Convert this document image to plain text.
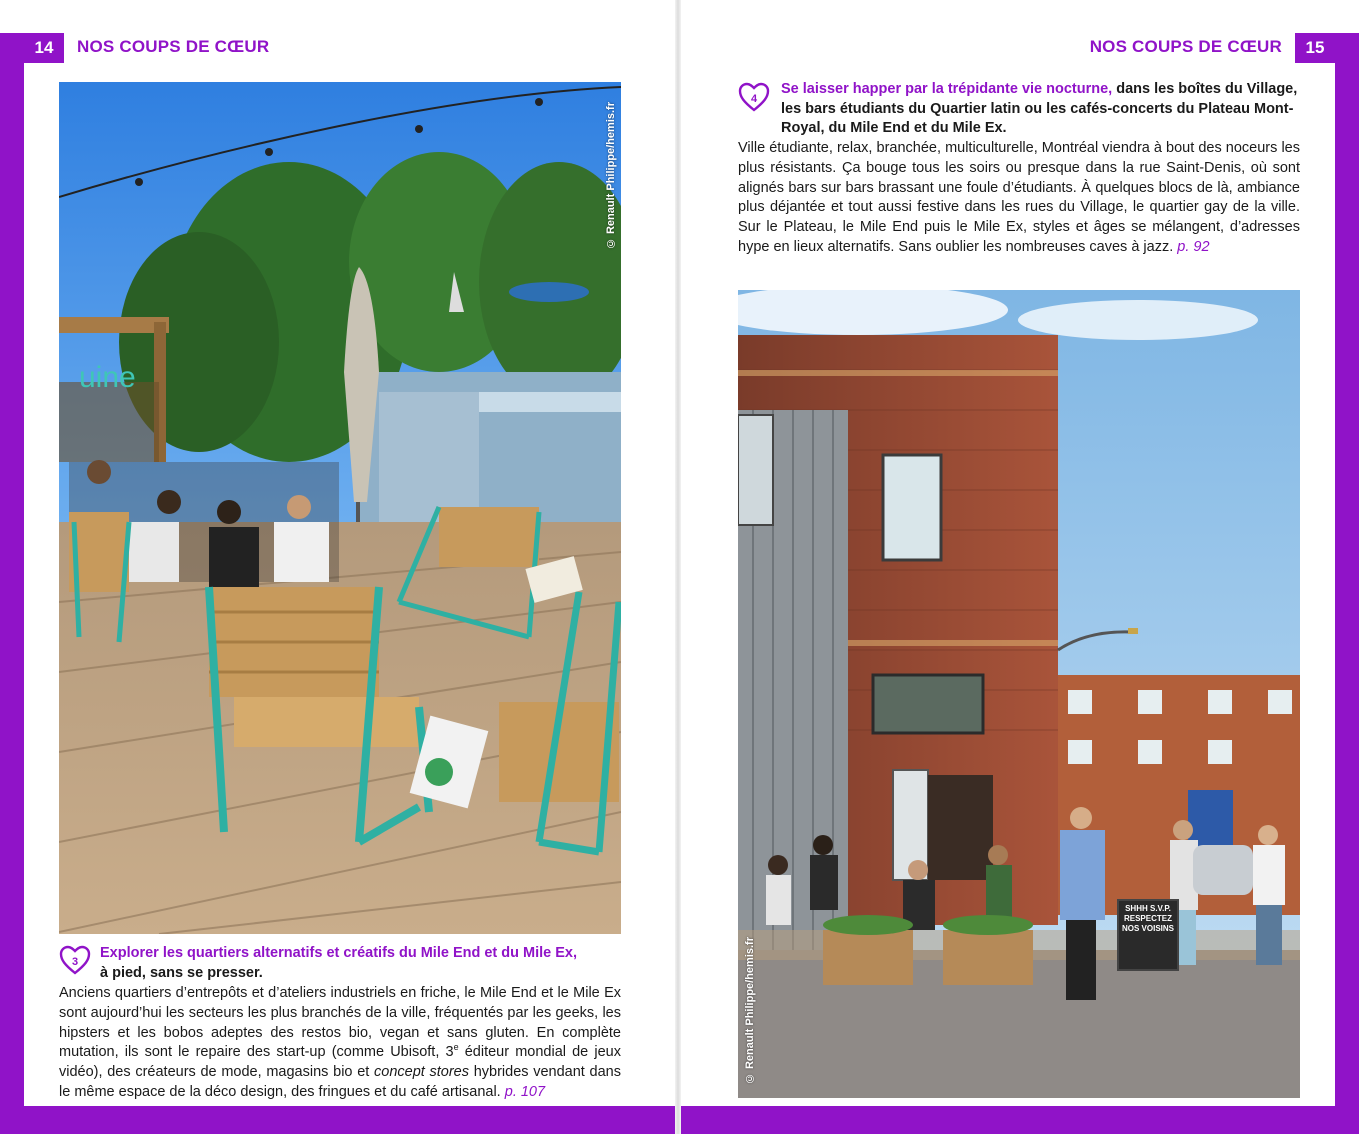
14	NOS COUPS DE CŒUR	NOS COUPS DE CŒUR	15
uine
© Renault Philippe/hemis.fr
3
Explorer les quartiers alternatifs et créatifs du Mile End et du Mile Ex,
à pied, sans se presser.
Anciens quartiers d’entrepôts et d’ateliers industriels en friche, le Mile End et le Mile Ex sont aujourd’hui les secteurs les plus branchés de la ville, fréquentés par les geeks, les hipsters et les bobos adeptes des restos bio, vegan et sans gluten. En complète mutation, ils sont le repaire des start-up (comme Ubisoft, 3e éditeur mondial de jeux vidéo), des créateurs de mode, magasins bio et concept stores hybrides vendant dans le même espace de la déco design, des fringues et du café artisanal. p. 107
4
Se laisser happer par la trépidante vie nocturne, dans les boîtes du Village, les bars étudiants du Quartier latin ou les cafés-concerts du Plateau Mont-Royal, du Mile End et du Mile Ex.
Ville étudiante, relax, branchée, multiculturelle, Montréal viendra à bout des noceurs les plus résistants. Ça bouge tous les soirs ou presque dans la rue Saint-Denis, où sont alignés bars sur bars brassant une foule d’étudiants. À quelques blocs de là, ambiance plus déjantée et tout aussi festive dans les rues du Village, le quartier gay de la ville. Sur le Plateau, le Mile End puis le Mile Ex, styles et âges se mélangent, d’adresses hype en lieux alternatifs. Sans oublier les nombreuses caves à jazz. p. 92
SHHH S.V.P. RESPECTEZ NOS VOISINS
© Renault Philippe/hemis.fr
